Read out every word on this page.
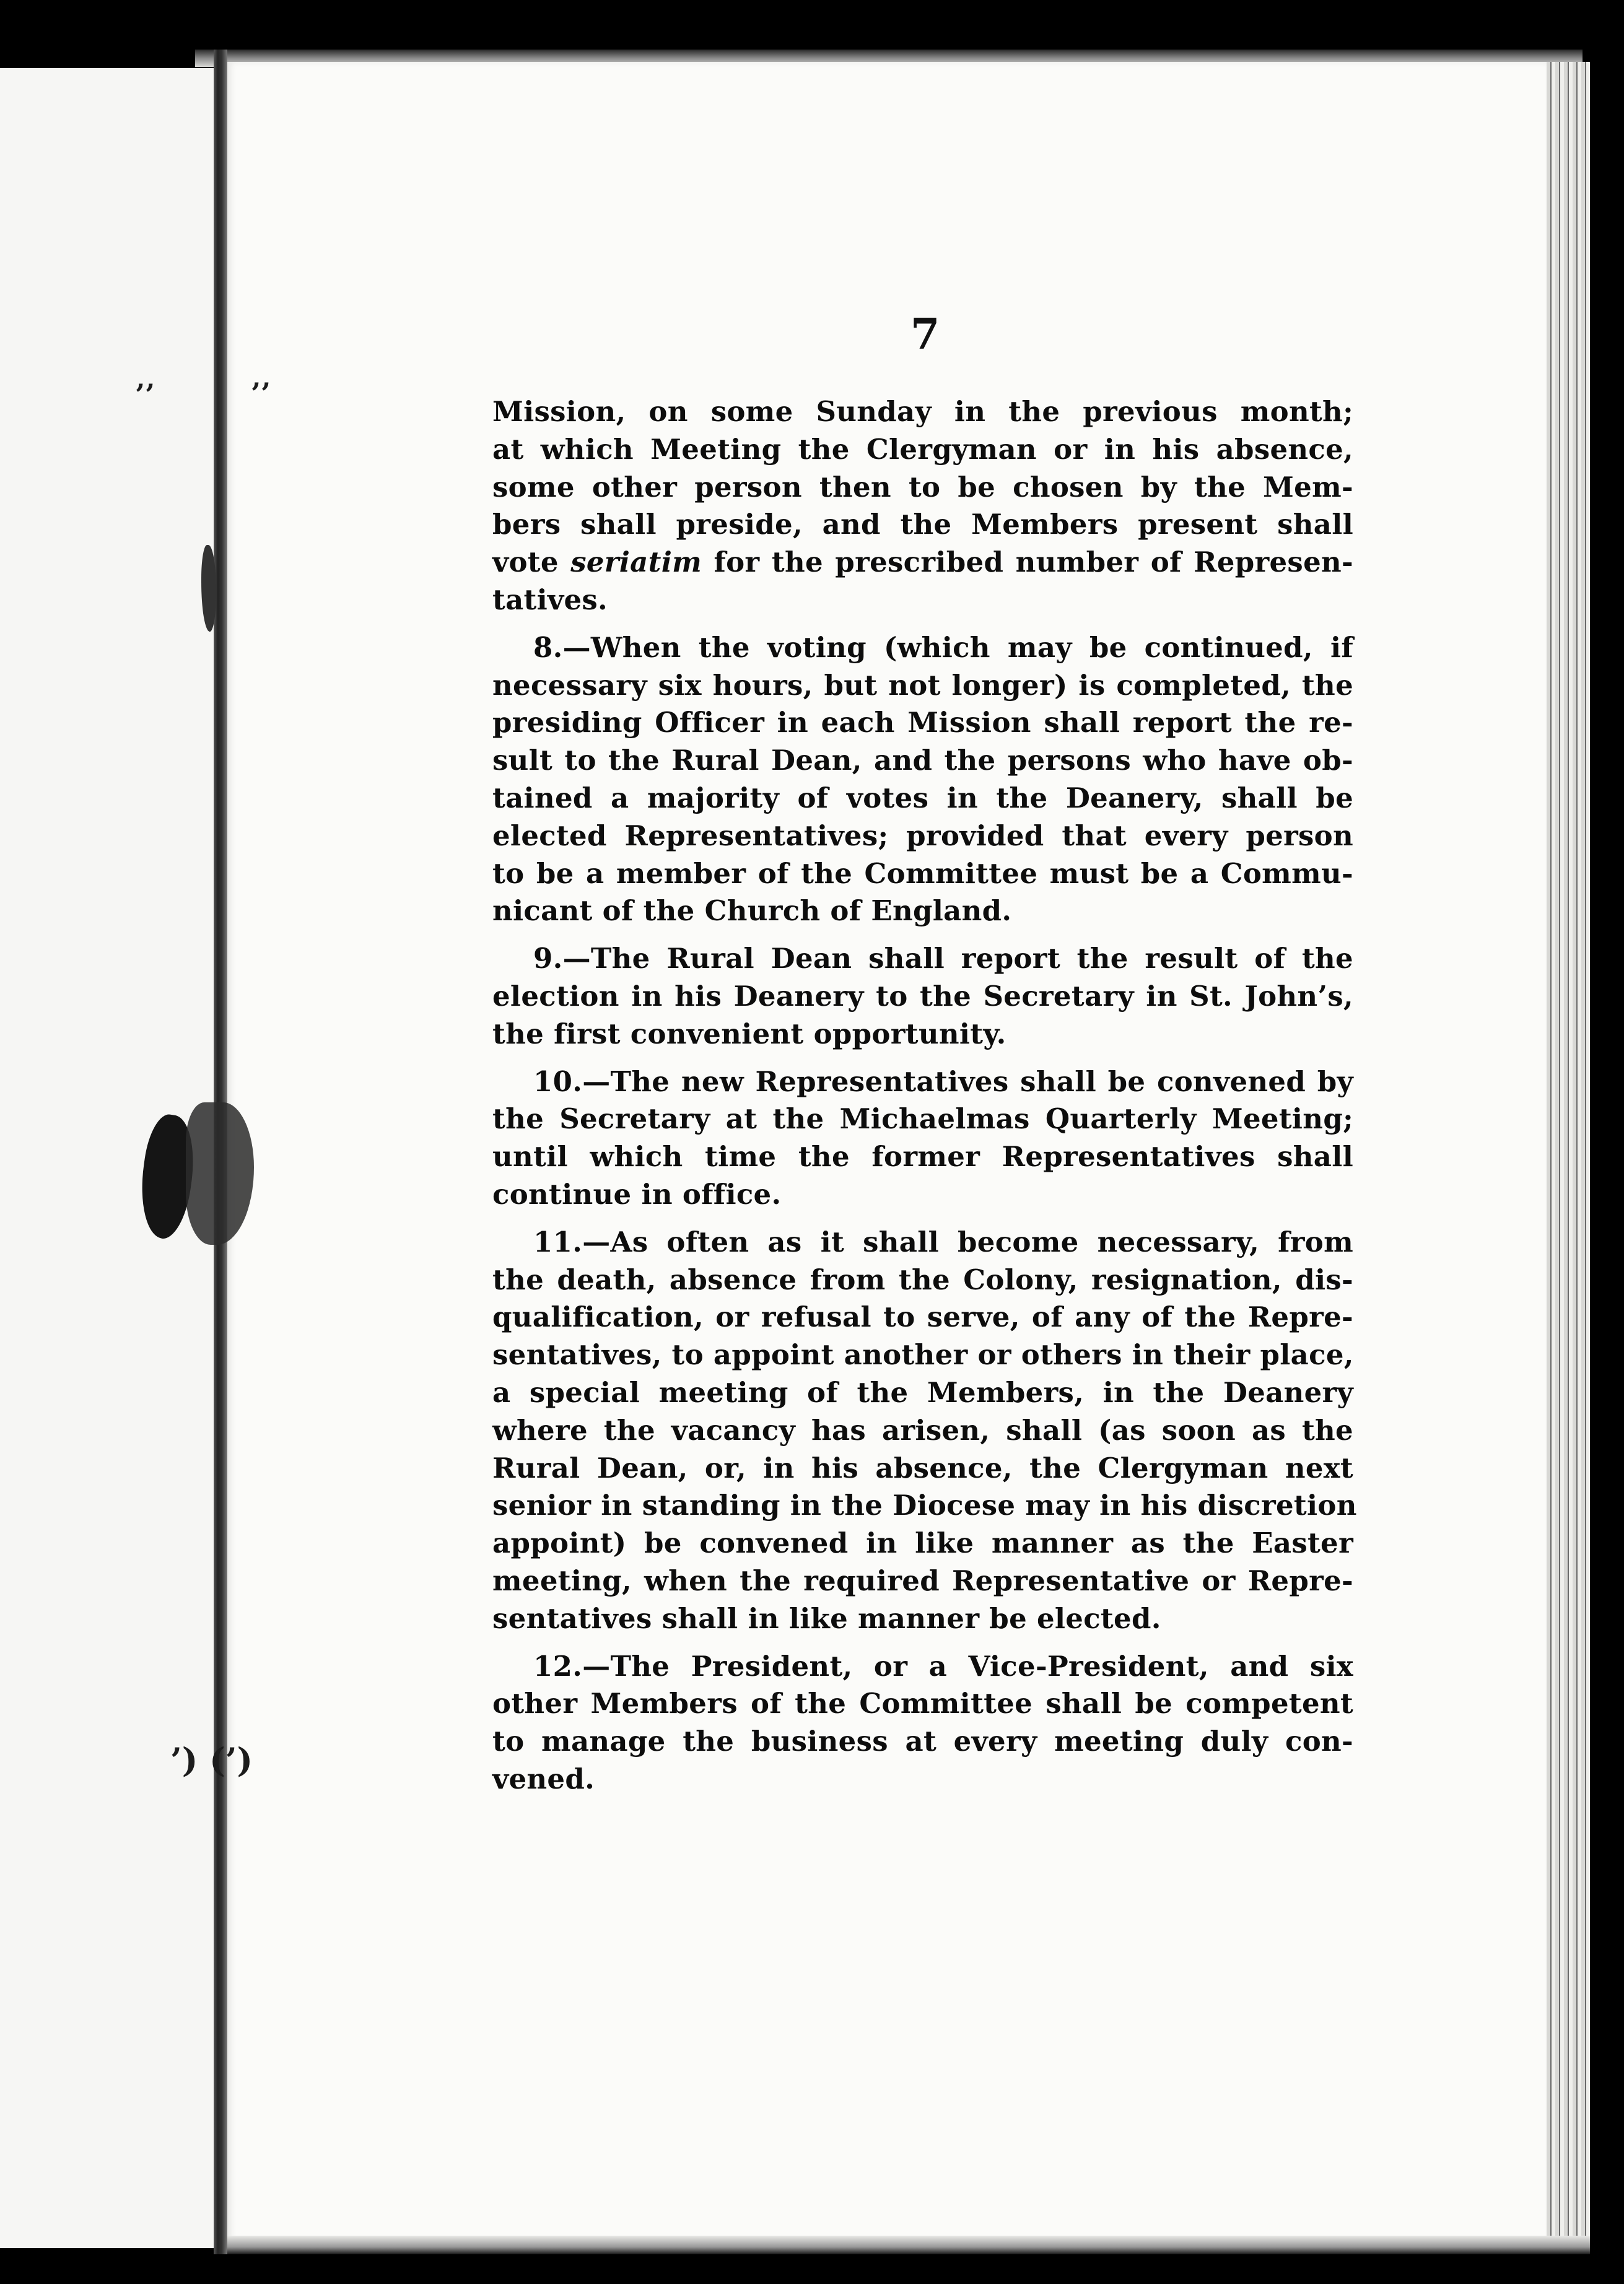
’’	’’
’) (’)
7
Mission, on some Sunday in the previous month;
at which Meeting the Clergyman or in his absence,
some other person then to be chosen by the Mem-
bers shall preside, and the Members present shall
vote seriatim for the prescribed number of Represen-
tatives.
8.—When the voting (which may be continued, if
necessary six hours, but not longer) is completed, the
presiding Officer in each Mission shall report the re-
sult to the Rural Dean, and the persons who have ob-
tained a majority of votes in the Deanery, shall be
elected Representatives; provided that every person
to be a member of the Committee must be a Commu-
nicant of the Church of England.
9.—The Rural Dean shall report the result of the
election in his Deanery to the Secretary in St. John’s,
the first convenient opportunity.
10.—The new Representatives shall be convened by
the Secretary at the Michaelmas Quarterly Meeting;
until which time the former Representatives shall
continue in office.
11.—As often as it shall become necessary, from
the death, absence from the Colony, resignation, dis-
qualification, or refusal to serve, of any of the Repre-
sentatives, to appoint another or others in their place,
a special meeting of the Members, in the Deanery
where the vacancy has arisen, shall (as soon as the
Rural Dean, or, in his absence, the Clergyman next
senior in standing in the Diocese may in his discretion
appoint) be convened in like manner as the Easter
meeting, when the required Representative or Repre-
sentatives shall in like manner be elected.
12.—The President, or a Vice-President, and six
other Members of the Committee shall be competent
to manage the business at every meeting duly con-
vened.
